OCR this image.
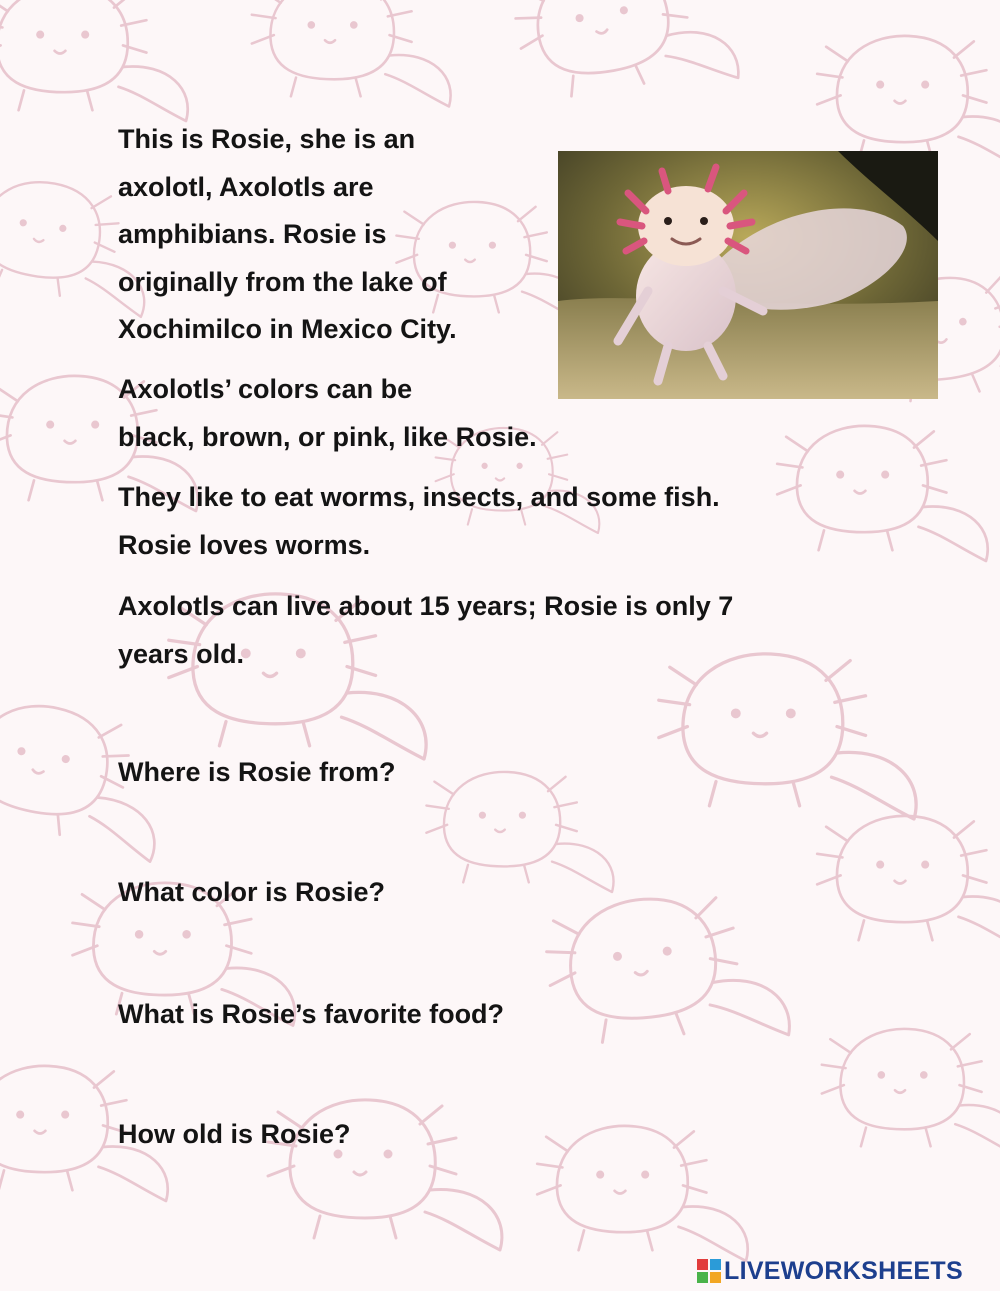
This is Rosie, she is an
axolotl, Axolotls are
amphibians. Rosie is
originally from the lake of
Xochimilco in Mexico City.

Axolotls’ colors can be
black, brown, or pink, like Rosie.

They like to eat worms, insects, and some fish.
Rosie loves worms.

Axolotls can live about 15 years; Rosie is only 7
years old.

Where is Rosie from?

What color is Rosie?

What is Rosie’s favorite food?

How old is Rosie?

LIVEWORKSHEETS
